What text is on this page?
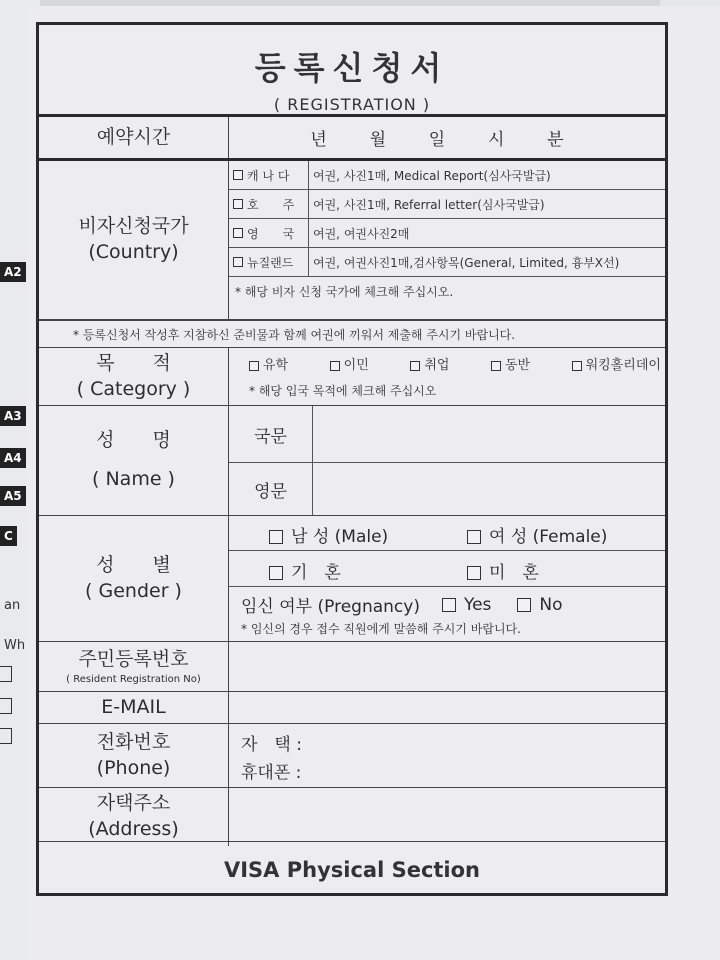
A2
A3
A4
A5
C
an
Wh
등록신청서
( REGISTRATION )
예약시간	년	월	일	시	분
비자신청국가
(Country)
캐 나 다	여권, 사진1매, Medical Report(심사국발급)
호　　주	여권, 사진1매, Referral letter(심사국발급)
영　　국	여권, 여권사진2매
뉴질랜드	여권, 여권사진1매,검사항목(General, Limited, 흉부X선)
* 해당 비자 신청 국가에 체크해 주십시오.
* 등록신청서 작성후 지참하신 준비물과 함께 여권에 끼워서 제출해 주시기 바랍니다.
목　　적
( Category )
유학	이민	취업	동반	워킹홀리데이
* 해당 입국 목적에 체크해 주십시오
성　　명
( Name )
국문
영문
성　　별
( Gender )
남 성 (Male)	여 성 (Female)
기　혼	미　혼
임신 여부 (Pregnancy)	Yes	No
* 임신의 경우 접수 직원에게 말씀해 주시기 바랍니다.
주민등록번호
( Resident Registration No)
E-MAIL
전화번호
(Phone)
자　택 :
휴대폰 :
자택주소
(Address)
VISA Physical Section
